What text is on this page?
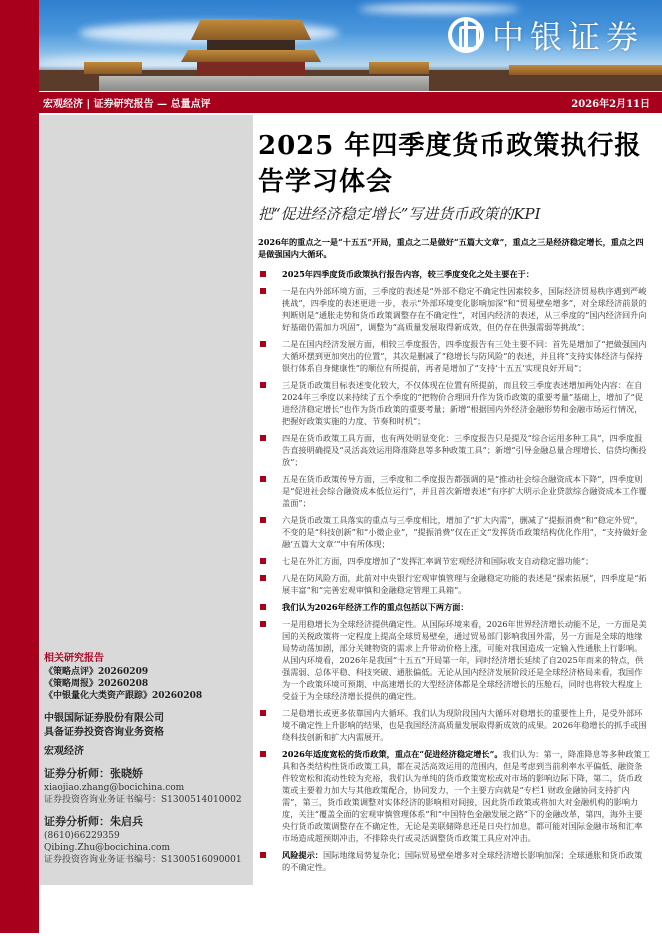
中银证券
宏观经济 | 证券研究报告 — 总量点评	2026年2月11日
相关研究报告
《策略点评》20260209
《策略周报》20260208
《中银量化大类资产跟踪》20260208
中银国际证券股份有限公司
具备证券投资咨询业务资格
宏观经济
证券分析师：张晓娇
xiaojiao.zhang@bocichina.com
证券投资咨询业务证书编号：S1300514010002
证券分析师：朱启兵
(8610)66229359
Qibing.Zhu@bocichina.com
证券投资咨询业务证书编号：S1300516090001
2025 年四季度货币政策执行报告学习体会
把“促进经济稳定增长”写进货币政策的KPI
2026年的重点之一是“十五五”开局，重点之二是做好“五篇大文章”，重点之三是经济稳定增长，重点之四是做强国内大循环。
2025年四季度货币政策执行报告内容，较三季度变化之处主要在于：
一是在内外部环境方面，三季度的表述是“外部不稳定不确定性因素较多，国际经济贸易秩序遇到严峻挑战”，四季度的表述更进一步，表示“外部环境变化影响加深”和“贸易壁垒增多”，对全球经济前景的判断则是“通胀走势和货币政策调整存在不确定性”，对国内经济的表述，从三季度的“国内经济回升向好基础仍需加力巩固”，调整为“高质量发展取得新成效，但仍存在供强需弱等挑战”；
二是在国内经济发展方面，相较三季度报告，四季度报告有三处主要不同：首先是增加了“把做强国内大循环摆到更加突出的位置”，其次是删减了“稳增长与防风险”的表述，并且将“支持实体经济与保持银行体系自身健康性”的顺位有所提前，再者是增加了“支持‘十五五’实现良好开局”；
三是货币政策目标表述变化较大，不仅体现在位置有所提前，而且较三季度表述增加两处内容：在自2024年三季度以来持续了五个季度的“把物价合理回升作为货币政策的重要考量”基础上，增加了“促进经济稳定增长”也作为货币政策的重要考量；新增“根据国内外经济金融形势和金融市场运行情况，把握好政策实施的力度、节奏和时机”；
四是在货币政策工具方面，也有两处明显变化：三季度报告只是提及“综合运用多种工具”，四季度报告直接明确提及“灵活高效运用降准降息等多种政策工具”；新增“引导金融总量合理增长、信贷均衡投放”；
五是在货币政策传导方面，三季度和二季度报告都强调的是“推动社会综合融资成本下降”，四季度则是“促进社会综合融资成本低位运行”，并且首次新增表述“有序扩大明示企业贷款综合融资成本工作覆盖面”；
六是货币政策工具落实的重点与三季度相比，增加了“扩大内需”，删减了“提振消费”和“稳定外贸”，不变的是“科技创新”和“小微企业”，“提振消费”仅在正文“发挥货币政策结构优化作用”，“支持做好金融‘五篇大文章’”中有所体现；
七是在外汇方面，四季度增加了“发挥汇率调节宏观经济和国际收支自动稳定器功能”；
八是在防风险方面，此前对中央银行宏观审慎管理与金融稳定功能的表述是“探索拓展”，四季度是“拓展丰富”和“完善宏观审慎和金融稳定管理工具箱”。
我们认为2026年经济工作的重点包括以下两方面：
一是用稳增长为全球经济提供确定性。从国际环境来看，2026年世界经济增长动能不足，一方面是美国的关税政策将一定程度上提高全球贸易壁垒，通过贸易部门影响我国外需，另一方面是全球的地缘局势动荡加剧，部分关键物资的需求上升带动价格上涨，可能对我国造成一定输入性通胀上行影响。从国内环境看，2026年是我国“十五五”开局第一年，同时经济增长延续了自2025年而来的特点，供强需弱、总体平稳、科技突破、通胀偏低。无论从国内经济发展阶段还是全球经济格局来看，我国作为一个政策环境可预期、中高速增长的大型经济体都是全球经济增长的压舱石，同时也将较大程度上受益于为全球经济增长提供的确定性。
二是稳增长或更多依靠国内大循环。我们认为现阶段国内大循环对稳增长的重要性上升，是受外部环境不确定性上升影响的结果，也是我国经济高质量发展取得新成效的成果。2026年稳增长的抓手或围绕科技创新和扩大内需展开。
2026年适度宽松的货币政策，重点在“促进经济稳定增长”。我们认为：第一，降准降息等多种政策工具和各类结构性货币政策工具，都在灵活高效运用的范围内，但是考虑到当前利率水平偏低、融资条件较宽松和流动性较为充裕，我们认为单纯的货币政策宽松或对市场的影响边际下降，第二，货币政策或主要着力加大与其他政策配合，协同发力，一个主要方向就是“专栏1 财政金融协同支持扩内需”，第三，货币政策调整对实体经济的影响相对间接，因此货币政策或将加大对金融机构的影响力度，关注“覆盖全面的宏观审慎管理体系”和“中国特色金融发展之路”下的金融改革，第四，海外主要央行货币政策调整存在不确定性，无论是美联储降息还是日央行加息，都可能对国际金融市场和汇率市场造成超预期冲击，不排除央行或灵活调整货币政策工具应对冲击。
风险提示：国际地缘局势复杂化；国际贸易壁垒增多对全球经济增长影响加深；全球通胀和货币政策的不确定性。
